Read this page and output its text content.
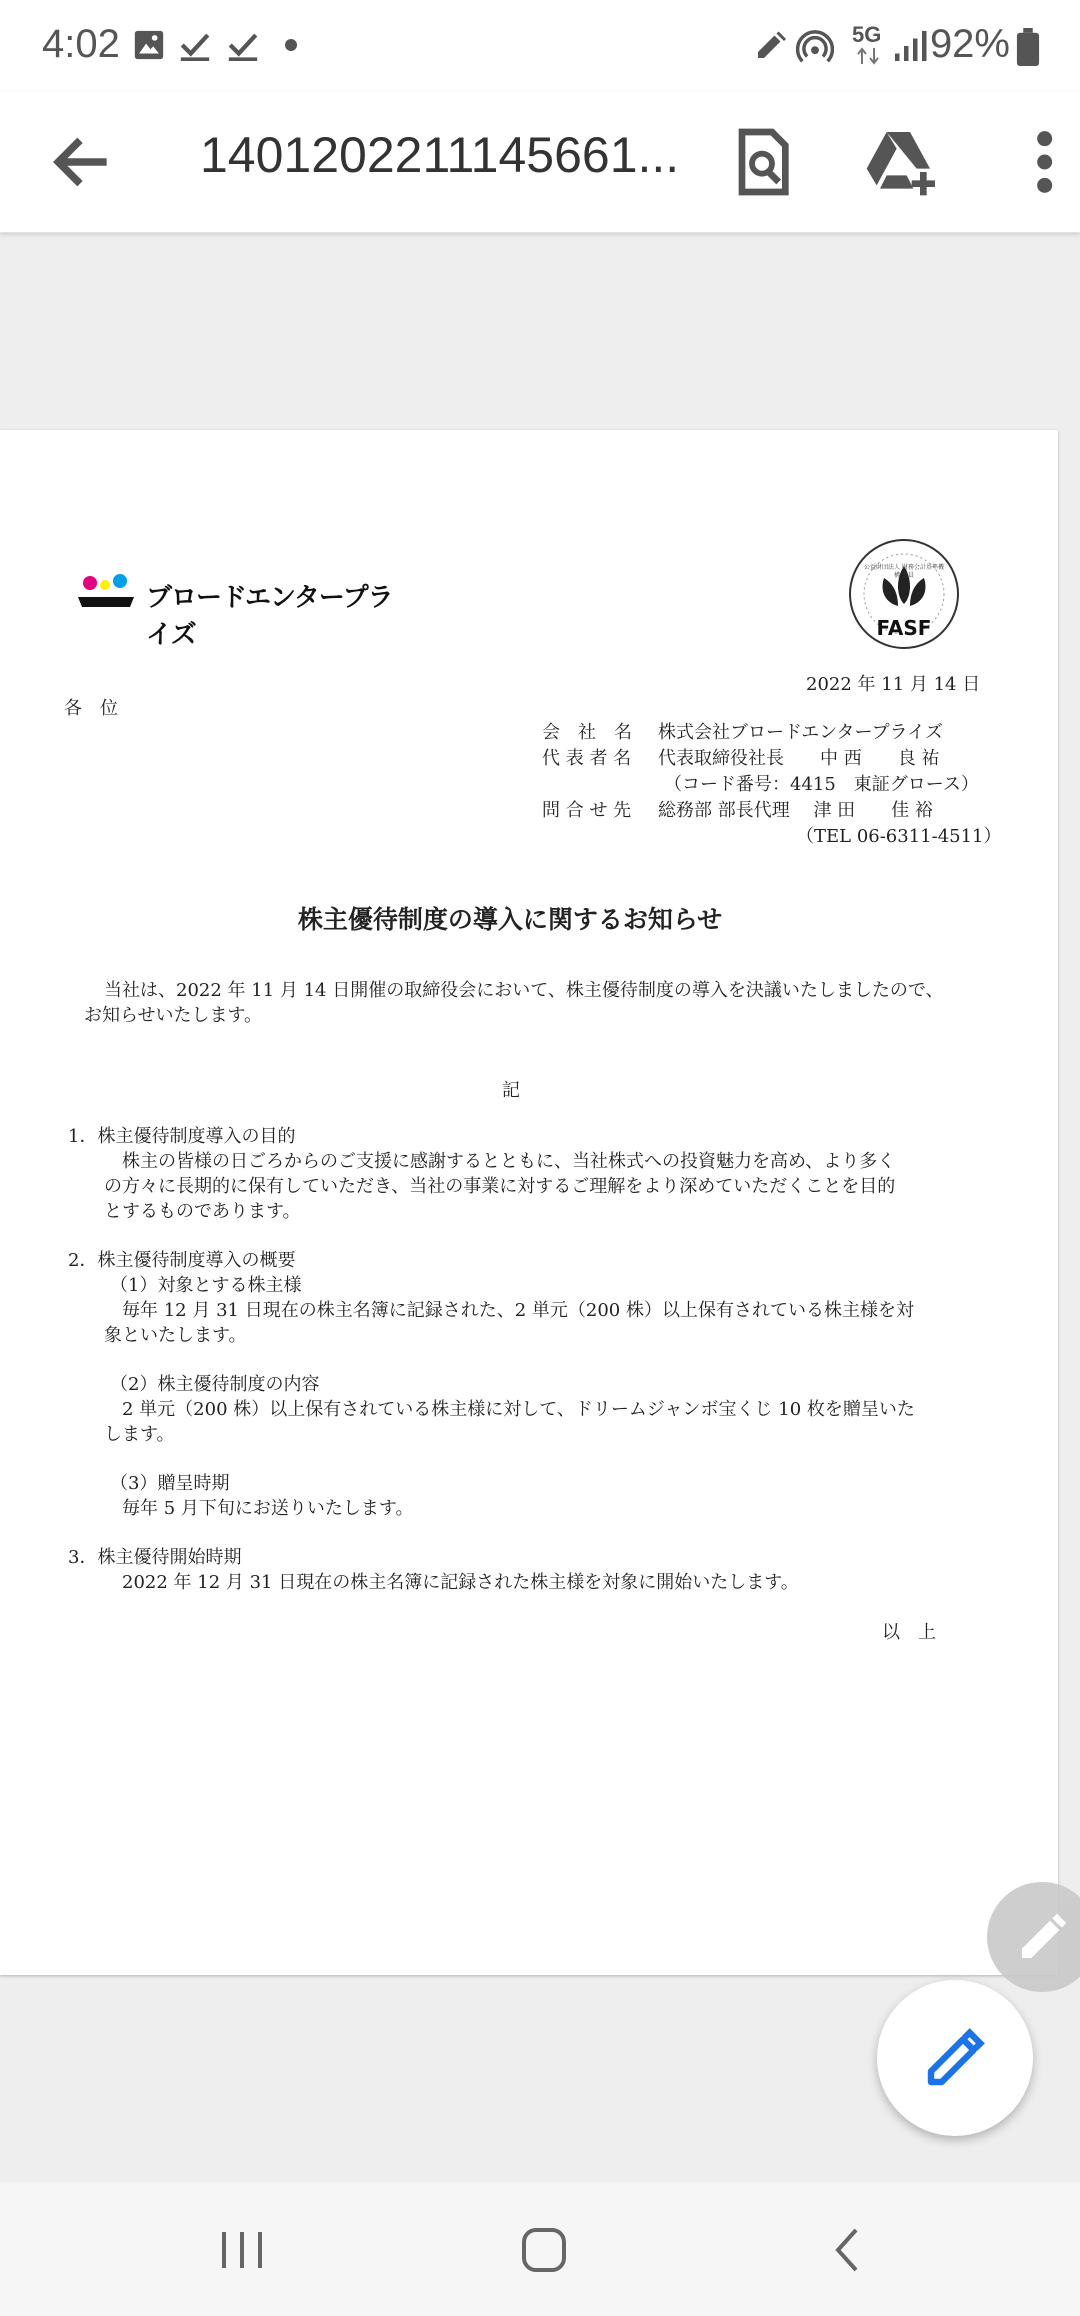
4:02	5G 92%
14012022111456​61...
ブロードエンタープライズ
公益財団法人 財務会計基準機構 会員
FASF
2022 年 11 月 14 日
各　位
会　社　名 株式会社ブロードエンタープライズ
代 表 者 名 代表取締役社長　　中 西　　良 祐
（コード番号：4415　東証グロース）
問 合 せ 先 総務部 部長代理　 津 田　　佳 裕
（TEL 06-6311-4511）
株主優待制度の導入に関するお知らせ
当社は、2022 年 11 月 14 日開催の取締役会において、株主優待制度の導入を決議いたしましたので、
お知らせいたします。
記
1．株主優待制度導入の目的
株主の皆様の日ごろからのご支援に感謝するとともに、当社株式への投資魅力を高め、より多く
の方々に長期的に保有していただき、当社の事業に対するご理解をより深めていただくことを目的
とするものであります。
2．株主優待制度導入の概要
（1）対象とする株主様
毎年 12 月 31 日現在の株主名簿に記録された、2 単元（200 株）以上保有されている株主様を対
象といたします。
（2）株主優待制度の内容
2 単元（200 株）以上保有されている株主様に対して、ドリームジャンボ宝くじ 10 枚を贈呈いた
します。
（3）贈呈時期
毎年 5 月下旬にお送りいたします。
3．株主優待開始時期
2022 年 12 月 31 日現在の株主名簿に記録された株主様を対象に開始いたします。
以　上
